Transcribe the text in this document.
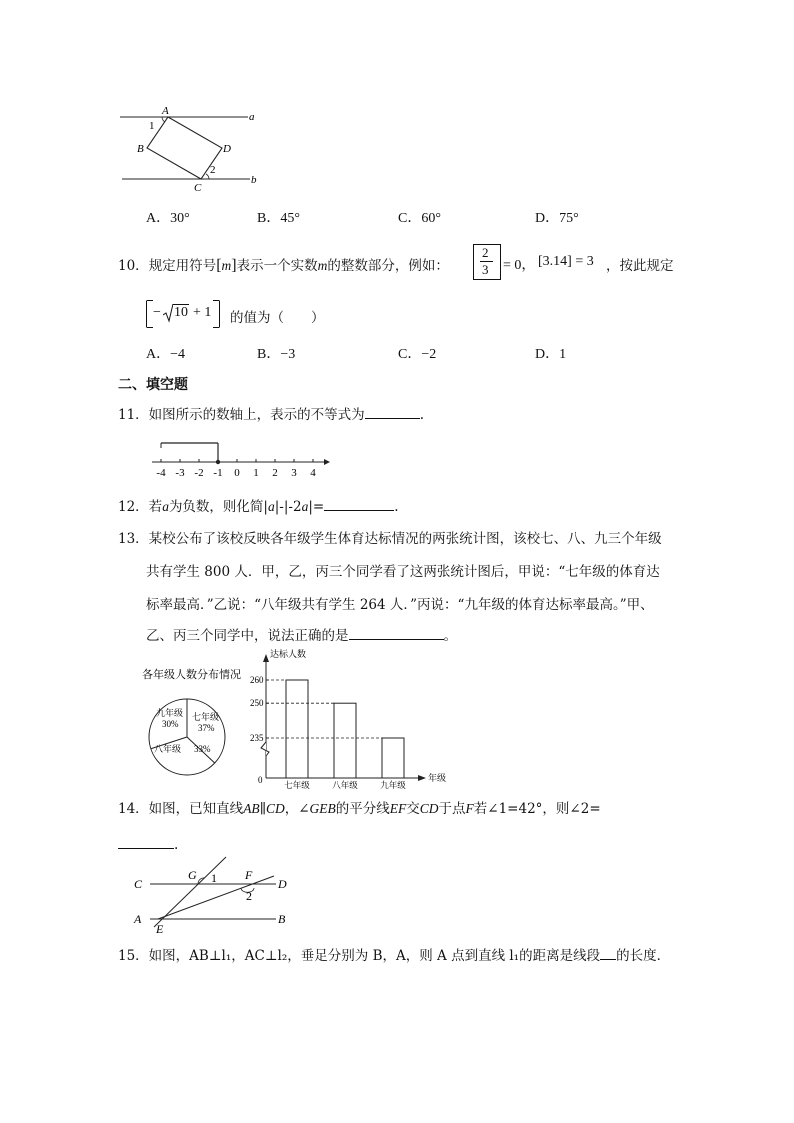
A
1
B	D
2
C
a
b
A．30°	B．45°	C．60°	D．75°
10．规定用符号[m]表示一个实数m的整数部分，例如：
2
3 = 0， [3.14] = 3 ，按此规定
− 10 + 1 的值为（　　）
A．−4	B．−3	C．−2	D．1
二、填空题
11．如图所示的数轴上，表示的不等式为	.
-4 -3 -2 -1 0 1 2 3 4
12．若a为负数，则化简|a|-|-2a|=	.
13．某校公布了该校反映各年级学生体育达标情况的两张统计图，该校七、八、九三个年级
共有学生 800 人．甲，乙，丙三个同学看了这两张统计图后，甲说：“七年级的体育达
标率最高．”乙说：“八年级共有学生 264 人．”丙说：“九年级的体育达标率最高。”甲、
乙、丙三个同学中，说法正确的是	。
各年级人数分布情况
七年级
37%
九年级
30%
八年级 33%
达标人数
年级
0
260
250
235
七年级	八年级	九年级
14．如图，已知直线AB∥CD，∠GEB的平分线EF交CD于点F若∠1=42°，则∠2=
.
C
G 1 F
D
2
A
E
B
15．如图，AB⊥l₁，AC⊥l₂，垂足分别为 B，A，则 A 点到直线 l₁的距离是线段 的长度．
